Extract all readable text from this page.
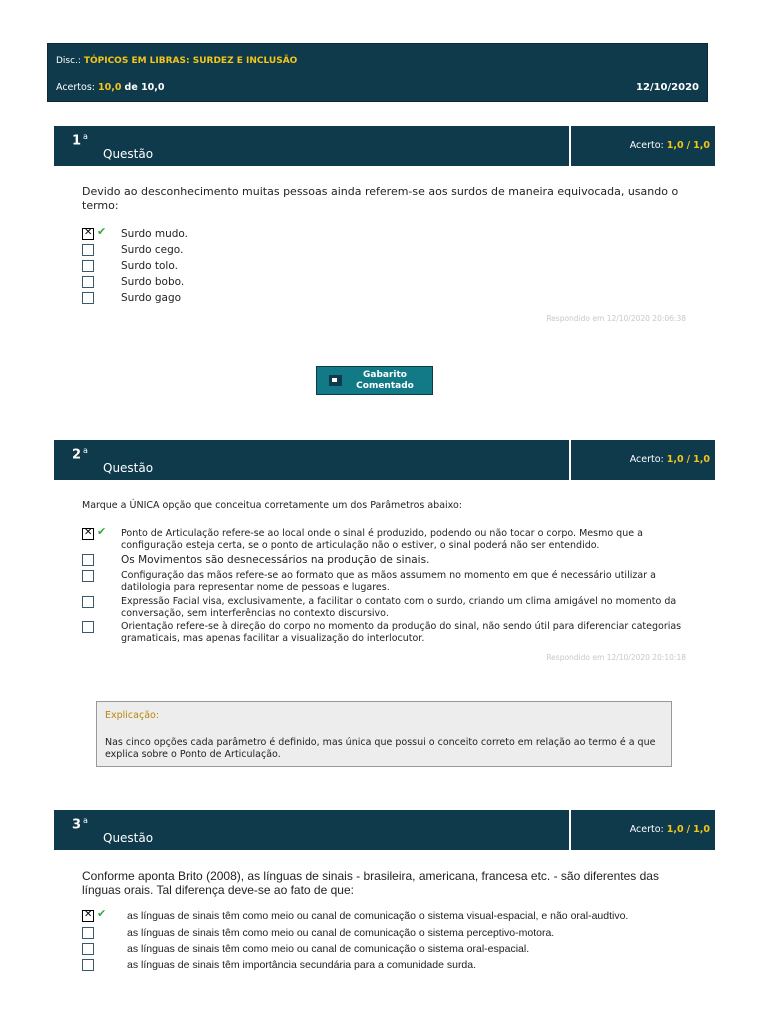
Disc.: TÓPICOS EM LIBRAS: SURDEZ E INCLUSÃO
Acertos: 10,0 de 10,0	12/10/2020
1 $^a$
Questão
Acerto: 1,0 / 1,0
Devido ao desconhecimento muitas pessoas ainda referem-se aos surdos de maneira equivocada, usando o termo:
✕
✔ Surdo mudo.
Surdo cego.
Surdo tolo.
Surdo bobo.
Surdo gago
Respondido em 12/10/2020 20:06:38
Gabarito
Comentado
2 $^a$
Questão
Acerto: 1,0 / 1,0
Marque a ÚNICA opção que conceitua corretamente um dos Parâmetros abaixo:
✕
✔ Ponto de Articulação refere-se ao local onde o sinal é produzido, podendo ou não tocar o corpo. Mesmo que a configuração esteja certa, se o ponto de articulação não o estiver, o sinal poderá não ser entendido.
Os Movimentos são desnecessários na produção de sinais.
Configuração das mãos refere-se ao formato que as mãos assumem no momento em que é necessário utilizar a datilologia para representar nome de pessoas e lugares.
Expressão Facial visa, exclusivamente, a facilitar o contato com o surdo, criando um clima amigável no momento da conversação, sem interferências no contexto discursivo.
Orientação refere-se à direção do corpo no momento da produção do sinal, não sendo útil para diferenciar categorias gramaticais, mas apenas facilitar a visualização do interlocutor.
Respondido em 12/10/2020 20:10:18
Explicação:
Nas cinco opções cada parâmetro é definido, mas única que possui o conceito correto em relação ao termo é a que explica sobre o Ponto de Articulação.
3 $^a$
Questão
Acerto: 1,0 / 1,0
Conforme aponta Brito (2008), as línguas de sinais - brasileira, americana, francesa etc. - são diferentes das línguas orais. Tal diferença deve-se ao fato de que:
✕
✔ as línguas de sinais têm como meio ou canal de comunicação o sistema visual-espacial, e não oral-audtivo.
as línguas de sinais têm como meio ou canal de comunicação o sistema perceptivo-motora.
as línguas de sinais têm como meio ou canal de comunicação o sistema oral-espacial.
as línguas de sinais têm importância secundária para a comunidade surda.
